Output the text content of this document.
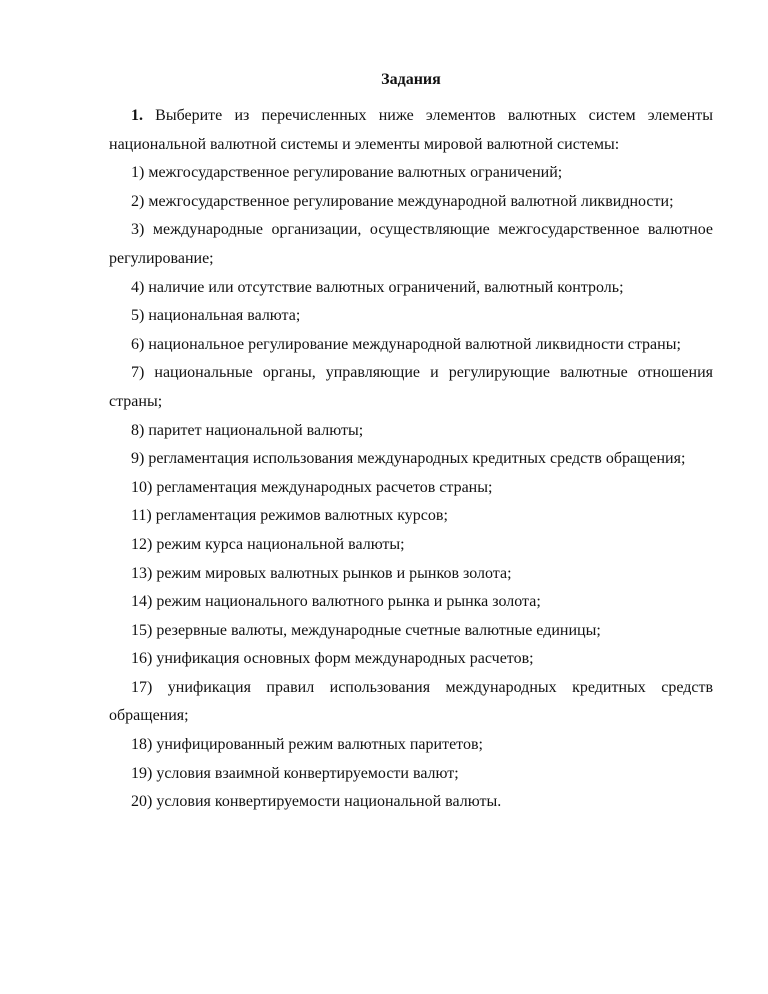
Задания

1. Выберите из перечисленных ниже элементов валютных систем элементы национальной валютной системы и элементы мировой валютной системы:

1) межгосударственное регулирование валютных ограничений;

2) межгосударственное регулирование международной валютной ликвидности;

3) международные организации, осуществляющие межгосударственное валютное регулирование;

4) наличие или отсутствие валютных ограничений, валютный контроль;

5) национальная валюта;

6) национальное регулирование международной валютной ликвидности страны;

7) национальные органы, управляющие и регулирующие валютные отношения страны;

8) паритет национальной валюты;

9) регламентация использования международных кредитных средств обращения;

10) регламентация международных расчетов страны;

11) регламентация режимов валютных курсов;

12) режим курса национальной валюты;

13) режим мировых валютных рынков и рынков золота;

14) режим национального валютного рынка и рынка золота;

15) резервные валюты, международные счетные валютные единицы;

16) унификация основных форм международных расчетов;

17) унификация правил использования международных кредитных средств обращения;

18) унифицированный режим валютных паритетов;

19) условия взаимной конвертируемости валют;

20) условия конвертируемости национальной валюты.
